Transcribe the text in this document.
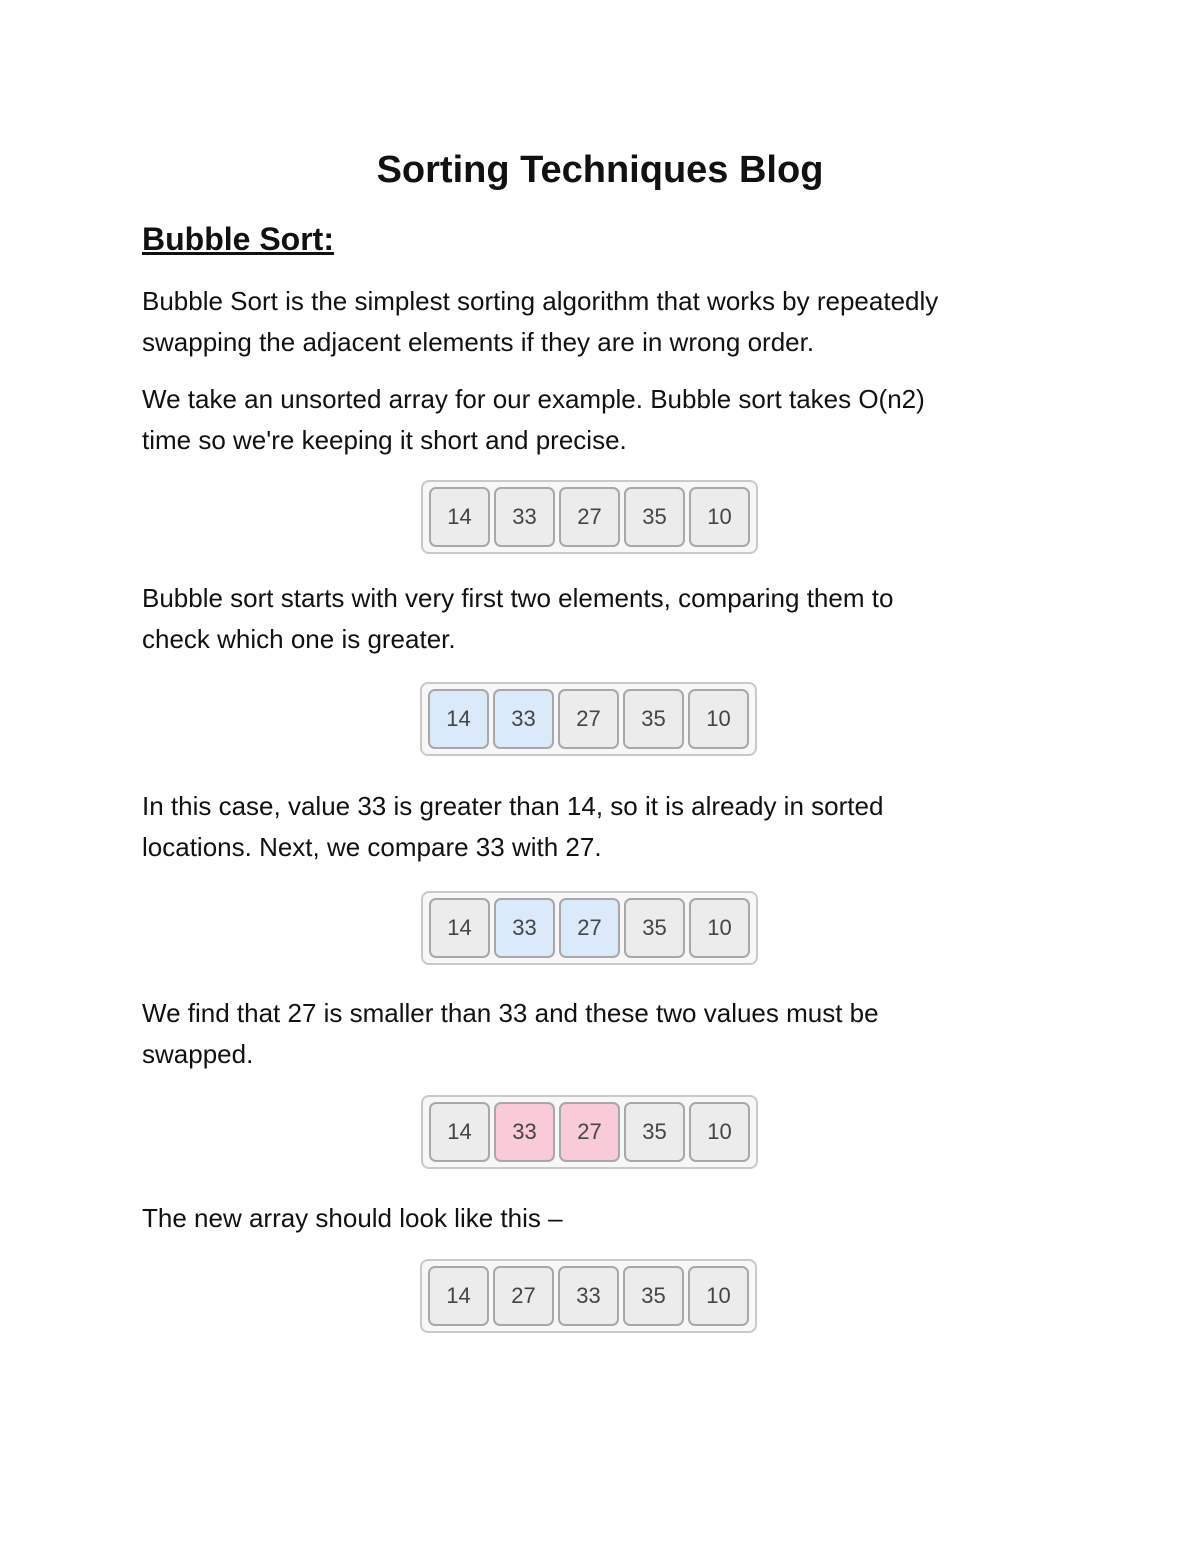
Sorting Techniques Blog
Bubble Sort:

Bubble Sort is the simplest sorting algorithm that works by repeatedly
swapping the adjacent elements if they are in wrong order.

We take an unsorted array for our example. Bubble sort takes O(n2)
time so we're keeping it short and precise.

14	33	27	35	10

Bubble sort starts with very first two elements, comparing them to
check which one is greater.

14	33	27	35	10

In this case, value 33 is greater than 14, so it is already in sorted
locations. Next, we compare 33 with 27.

14	33	27	35	10

We find that 27 is smaller than 33 and these two values must be
swapped.

14	33	27	35	10

The new array should look like this –

14	27	33	35	10
